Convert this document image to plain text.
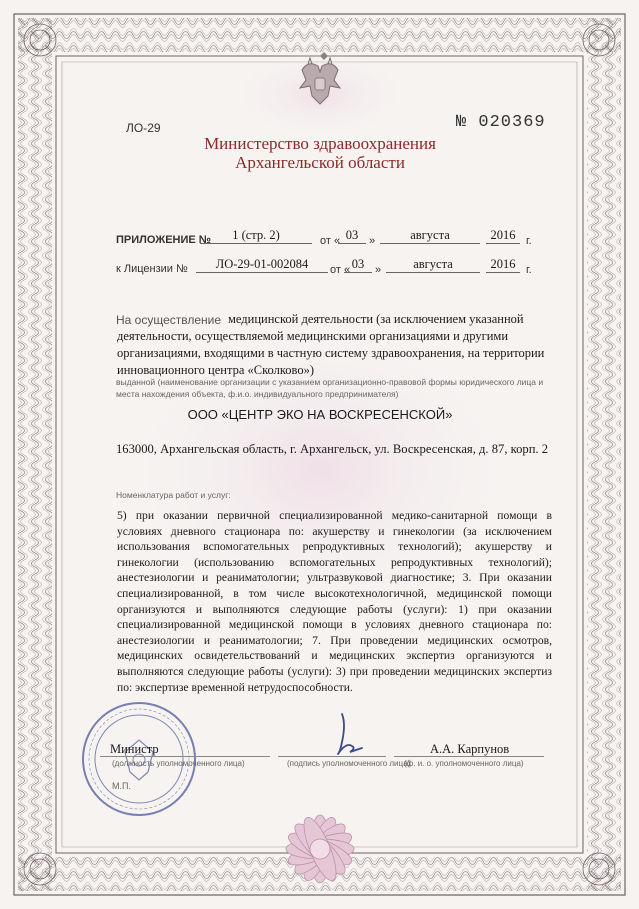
ЛО-29	№ 020369
Министерство здравоохранения
Архангельской области
ПРИЛОЖЕНИЕ №	1 (стр. 2)	от « 03 »	августа	2016 г.
к Лицензии №	ЛО-29-01-002084	от « 03 »	августа	2016 г.
На осуществление медицинской деятельности (за исключением указанной
деятельности, осуществляемой медицинскими организациями и другими
организациями, входящими в частную систему здравоохранения, на территории
инновационного центра «Сколково»)
выданной (наименование организации с указанием организационно-правовой формы юридического лица и
места нахождения объекта, ф.и.о. индивидуального предпринимателя)
ООО «ЦЕНТР ЭКО НА ВОСКРЕСЕНСКОЙ»
163000, Архангельская область, г. Архангельск, ул. Воскресенская, д. 87, корп. 2
Номенклатура работ и услуг:
5) при оказании первичной специализированной медико-санитарной помощи в условиях дневного стационара по: акушерству и гинекологии (за исключением использования вспомогательных репродуктивных технологий); акушерству и гинекологии (использованию вспомогательных репродуктивных технологий); анестезиологии и реаниматологии; ультразвуковой диагностике; 3. При оказании специализированной, в том числе высокотехнологичной, медицинской помощи организуются и выполняются следующие работы (услуги): 1) при оказании специализированной медицинской помощи в условиях дневного стационара по: анестезиологии и реаниматологии; 7. При проведении медицинских осмотров, медицинских освидетельствований и медицинских экспертиз организуются и выполняются следующие работы (услуги): 3) при проведении медицинских экспертиз по: экспертизе временной нетрудоспособности.
Министр
(должность уполномоченного лица)	(подпись уполномоченного лица)
А.А. Карпунов
(ф. и. о. уполномоченного лица)
М.П.
